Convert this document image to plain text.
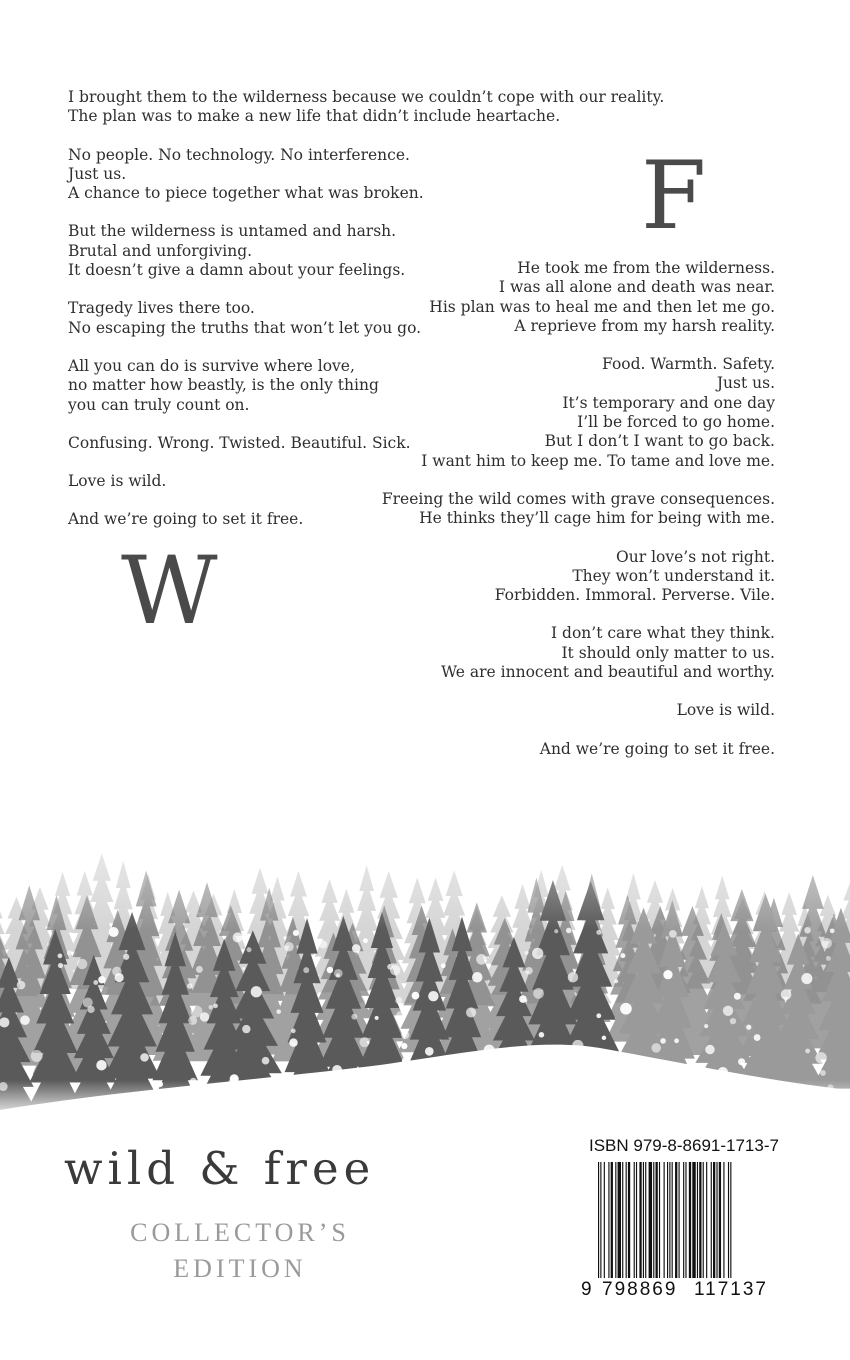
F
W
I brought them to the wilderness because we couldn’t cope with our reality.
The plan was to make a new life that didn’t include heartache.
No people. No technology. No interference.
Just us.
A chance to piece together what was broken.
But the wilderness is untamed and harsh.
Brutal and unforgiving.
It doesn’t give a damn about your feelings.
Tragedy lives there too.
No escaping the truths that won’t let you go.
All you can do is survive where love,
no matter how beastly, is the only thing
you can truly count on.
Confusing. Wrong. Twisted. Beautiful. Sick.
Love is wild.
And we’re going to set it free.
He took me from the wilderness.
I was all alone and death was near.
His plan was to heal me and then let me go.
A reprieve from my harsh reality.
Food. Warmth. Safety.
Just us.
It’s temporary and one day
I’ll be forced to go home.
But I don’t I want to go back.
I want him to keep me. To tame and love me.
Freeing the wild comes with grave consequences.
He thinks they’ll cage him for being with me.
Our love’s not right.
They won’t understand it.
Forbidden. Immoral. Perverse. Vile.
I don’t care what they think.
It should only matter to us.
We are innocent and beautiful and worthy.
Love is wild.
And we’re going to set it free.
wild & free
COLLECTOR’S
EDITION
ISBN 979-8-8691-1713-7
9 798869 117137
